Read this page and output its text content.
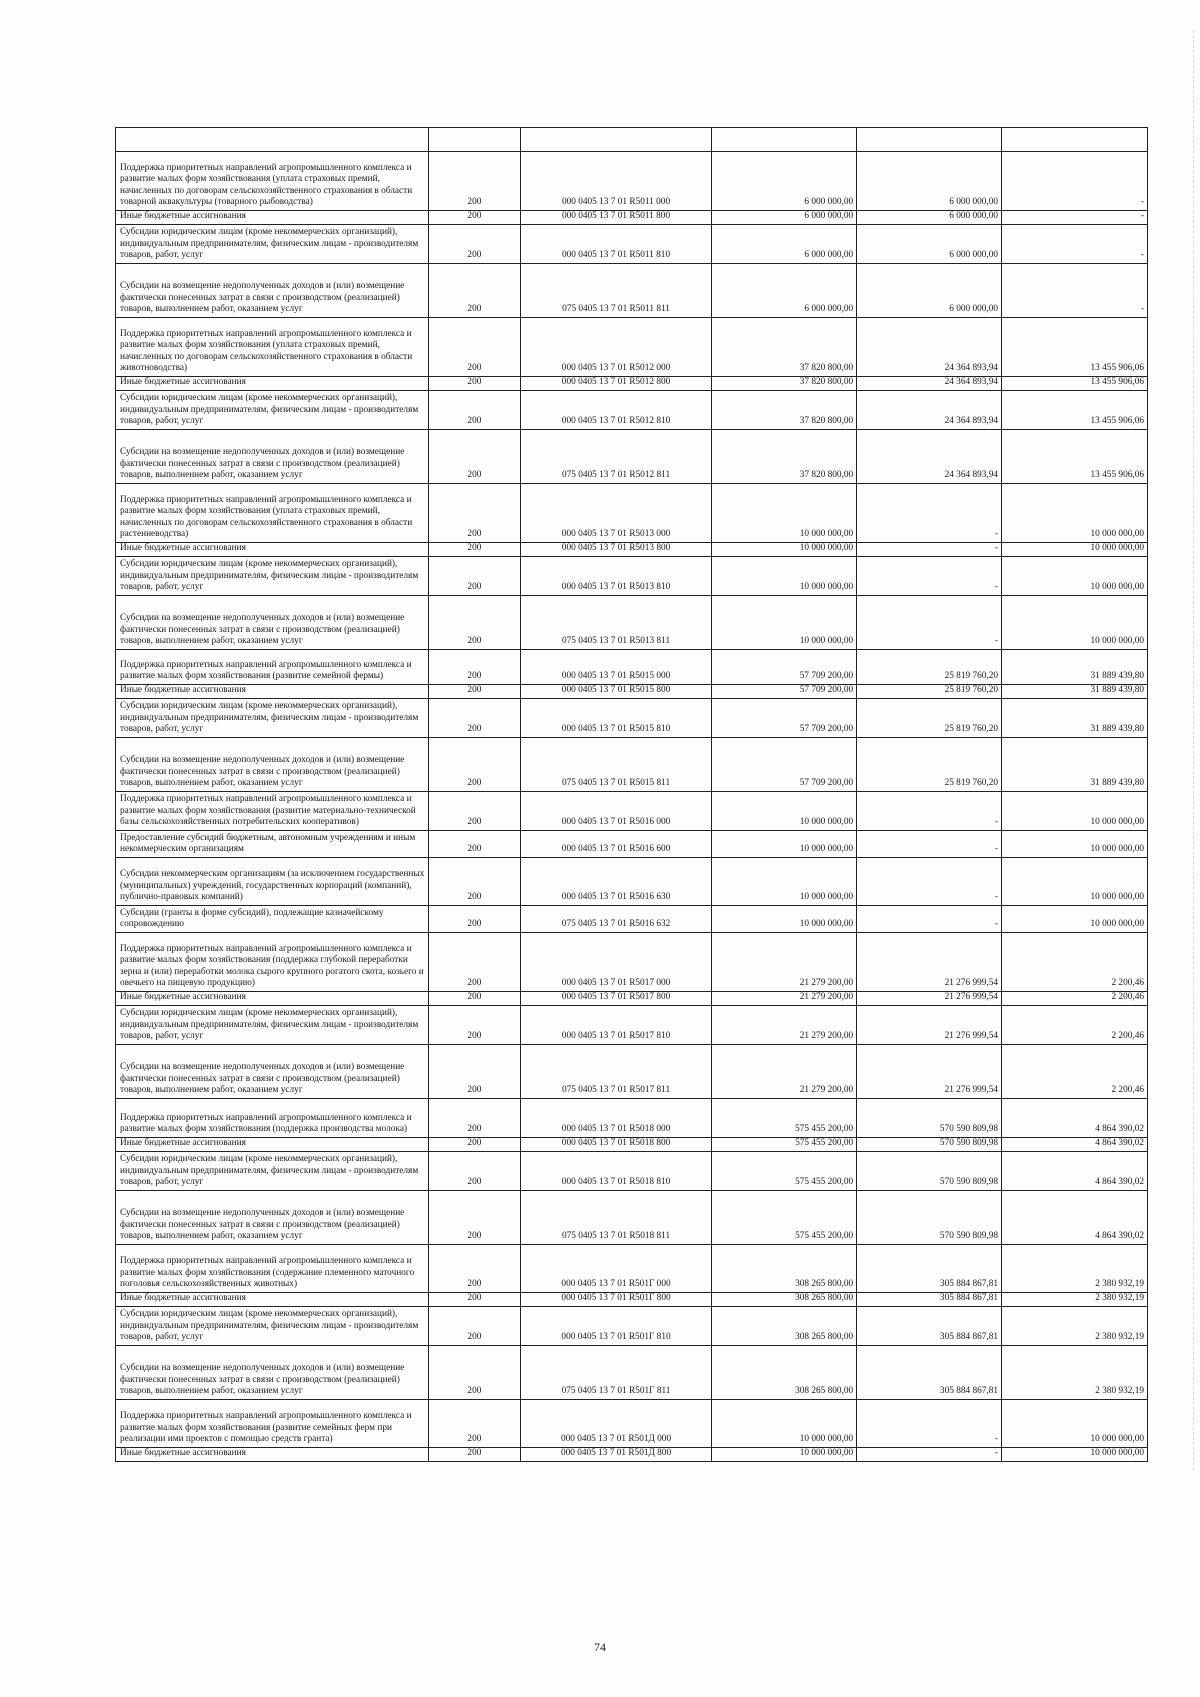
Поддержка приоритетных направлений агропромышленного комплекса и развитие малых форм хозяйствования (уплата страховых премий, начисленных по договорам сельскохозяйственного страхования в области товарной аквакультуры (товарного рыбоводства)	200	000 0405 13 7 01 R5011 000	6 000 000,00	6 000 000,00	-
Иные бюджетные ассигнования	200	000 0405 13 7 01 R5011 800	6 000 000,00	6 000 000,00	-
Субсидии юридическим лицам (кроме некоммерческих организаций), индивидуальным предпринимателям, физическим лицам - производителям товаров, работ, услуг	200	000 0405 13 7 01 R5011 810	6 000 000,00	6 000 000,00	-
Субсидии на возмещение недополученных доходов и (или) возмещение фактически понесенных затрат в связи с производством (реализацией) товаров, выполнением работ, оказанием услуг	200	075 0405 13 7 01 R5011 811	6 000 000,00	6 000 000,00	-
Поддержка приоритетных направлений агропромышленного комплекса и развитие малых форм хозяйствования (уплата страховых премий, начисленных по договорам сельскохозяйственного страхования в области животноводства)	200	000 0405 13 7 01 R5012 000	37 820 800,00	24 364 893,94	13 455 906,06
Иные бюджетные ассигнования	200	000 0405 13 7 01 R5012 800	37 820 800,00	24 364 893,94	13 455 906,06
Субсидии юридическим лицам (кроме некоммерческих организаций), индивидуальным предпринимателям, физическим лицам - производителям товаров, работ, услуг	200	000 0405 13 7 01 R5012 810	37 820 800,00	24 364 893,94	13 455 906,06
Субсидии на возмещение недополученных доходов и (или) возмещение фактически понесенных затрат в связи с производством (реализацией) товаров, выполнением работ, оказанием услуг	200	075 0405 13 7 01 R5012 811	37 820 800,00	24 364 893,94	13 455 906,06
Поддержка приоритетных направлений агропромышленного комплекса и развитие малых форм хозяйствования (уплата страховых премий, начисленных по договорам сельскохозяйственного страхования в области растениеводства)	200	000 0405 13 7 01 R5013 000	10 000 000,00	-	10 000 000,00
Иные бюджетные ассигнования	200	000 0405 13 7 01 R5013 800	10 000 000,00	-	10 000 000,00
Субсидии юридическим лицам (кроме некоммерческих организаций), индивидуальным предпринимателям, физическим лицам - производителям товаров, работ, услуг	200	000 0405 13 7 01 R5013 810	10 000 000,00	-	10 000 000,00
Субсидии на возмещение недополученных доходов и (или) возмещение фактически понесенных затрат в связи с производством (реализацией) товаров, выполнением работ, оказанием услуг	200	075 0405 13 7 01 R5013 811	10 000 000,00	-	10 000 000,00
Поддержка приоритетных направлений агропромышленного комплекса и развитие малых форм хозяйствования (развитие семейной фермы)	200	000 0405 13 7 01 R5015 000	57 709 200,00	25 819 760,20	31 889 439,80
Иные бюджетные ассигнования	200	000 0405 13 7 01 R5015 800	57 709 200,00	25 819 760,20	31 889 439,80
Субсидии юридическим лицам (кроме некоммерческих организаций), индивидуальным предпринимателям, физическим лицам - производителям товаров, работ, услуг	200	000 0405 13 7 01 R5015 810	57 709 200,00	25 819 760,20	31 889 439,80
Субсидии на возмещение недополученных доходов и (или) возмещение фактически понесенных затрат в связи с производством (реализацией) товаров, выполнением работ, оказанием услуг	200	075 0405 13 7 01 R5015 811	57 709 200,00	25 819 760,20	31 889 439,80
Поддержка приоритетных направлений агропромышленного комплекса и развитие малых форм хозяйствования (развитие материально-технической базы сельскохозяйственных потребительских кооперативов)	200	000 0405 13 7 01 R5016 000	10 000 000,00	-	10 000 000,00
Предоставление субсидий бюджетным, автономным учреждениям и иным некоммерческим организациям	200	000 0405 13 7 01 R5016 600	10 000 000,00	-	10 000 000,00
Субсидии некоммерческим организациям (за исключением государственных (муниципальных) учреждений, государственных корпораций (компаний), публично-правовых компаний)	200	000 0405 13 7 01 R5016 630	10 000 000,00	-	10 000 000,00
Субсидии (гранты в форме субсидий), подлежащие казначейскому сопровождению	200	075 0405 13 7 01 R5016 632	10 000 000,00	-	10 000 000,00
Поддержка приоритетных направлений агропромышленного комплекса и развитие малых форм хозяйствования (поддержка глубокой переработки зерна и (или) переработки молока сырого крупного рогатого скота, козьего и овечьего на пищевую продукцию)	200	000 0405 13 7 01 R5017 000	21 279 200,00	21 276 999,54	2 200,46
Иные бюджетные ассигнования	200	000 0405 13 7 01 R5017 800	21 279 200,00	21 276 999,54	2 200,46
Субсидии юридическим лицам (кроме некоммерческих организаций), индивидуальным предпринимателям, физическим лицам - производителям товаров, работ, услуг	200	000 0405 13 7 01 R5017 810	21 279 200,00	21 276 999,54	2 200,46
Субсидии на возмещение недополученных доходов и (или) возмещение фактически понесенных затрат в связи с производством (реализацией) товаров, выполнением работ, оказанием услуг	200	075 0405 13 7 01 R5017 811	21 279 200,00	21 276 999,54	2 200,46
Поддержка приоритетных направлений агропромышленного комплекса и развитие малых форм хозяйствования (поддержка производства молока)	200	000 0405 13 7 01 R5018 000	575 455 200,00	570 590 809,98	4 864 390,02
Иные бюджетные ассигнования	200	000 0405 13 7 01 R5018 800	575 455 200,00	570 590 809,98	4 864 390,02
Субсидии юридическим лицам (кроме некоммерческих организаций), индивидуальным предпринимателям, физическим лицам - производителям товаров, работ, услуг	200	000 0405 13 7 01 R5018 810	575 455 200,00	570 590 809,98	4 864 390,02
Субсидии на возмещение недополученных доходов и (или) возмещение фактически понесенных затрат в связи с производством (реализацией) товаров, выполнением работ, оказанием услуг	200	075 0405 13 7 01 R5018 811	575 455 200,00	570 590 809,98	4 864 390,02
Поддержка приоритетных направлений агропромышленного комплекса и развитие малых форм хозяйствования (содержание племенного маточного поголовья сельскохозяйственных животных)	200	000 0405 13 7 01 R501Г 000	308 265 800,00	305 884 867,81	2 380 932,19
Иные бюджетные ассигнования	200	000 0405 13 7 01 R501Г 800	308 265 800,00	305 884 867,81	2 380 932,19
Субсидии юридическим лицам (кроме некоммерческих организаций), индивидуальным предпринимателям, физическим лицам - производителям товаров, работ, услуг	200	000 0405 13 7 01 R501Г 810	308 265 800,00	305 884 867,81	2 380 932,19
Субсидии на возмещение недополученных доходов и (или) возмещение фактически понесенных затрат в связи с производством (реализацией) товаров, выполнением работ, оказанием услуг	200	075 0405 13 7 01 R501Г 811	308 265 800,00	305 884 867,81	2 380 932,19
Поддержка приоритетных направлений агропромышленного комплекса и развитие малых форм хозяйствования (развитие семейных ферм при реализации ими проектов с помощью средств гранта)	200	000 0405 13 7 01 R501Д 000	10 000 000,00	-	10 000 000,00
Иные бюджетные ассигнования	200	000 0405 13 7 01 R501Д 800	10 000 000,00	-	10 000 000,00
74
